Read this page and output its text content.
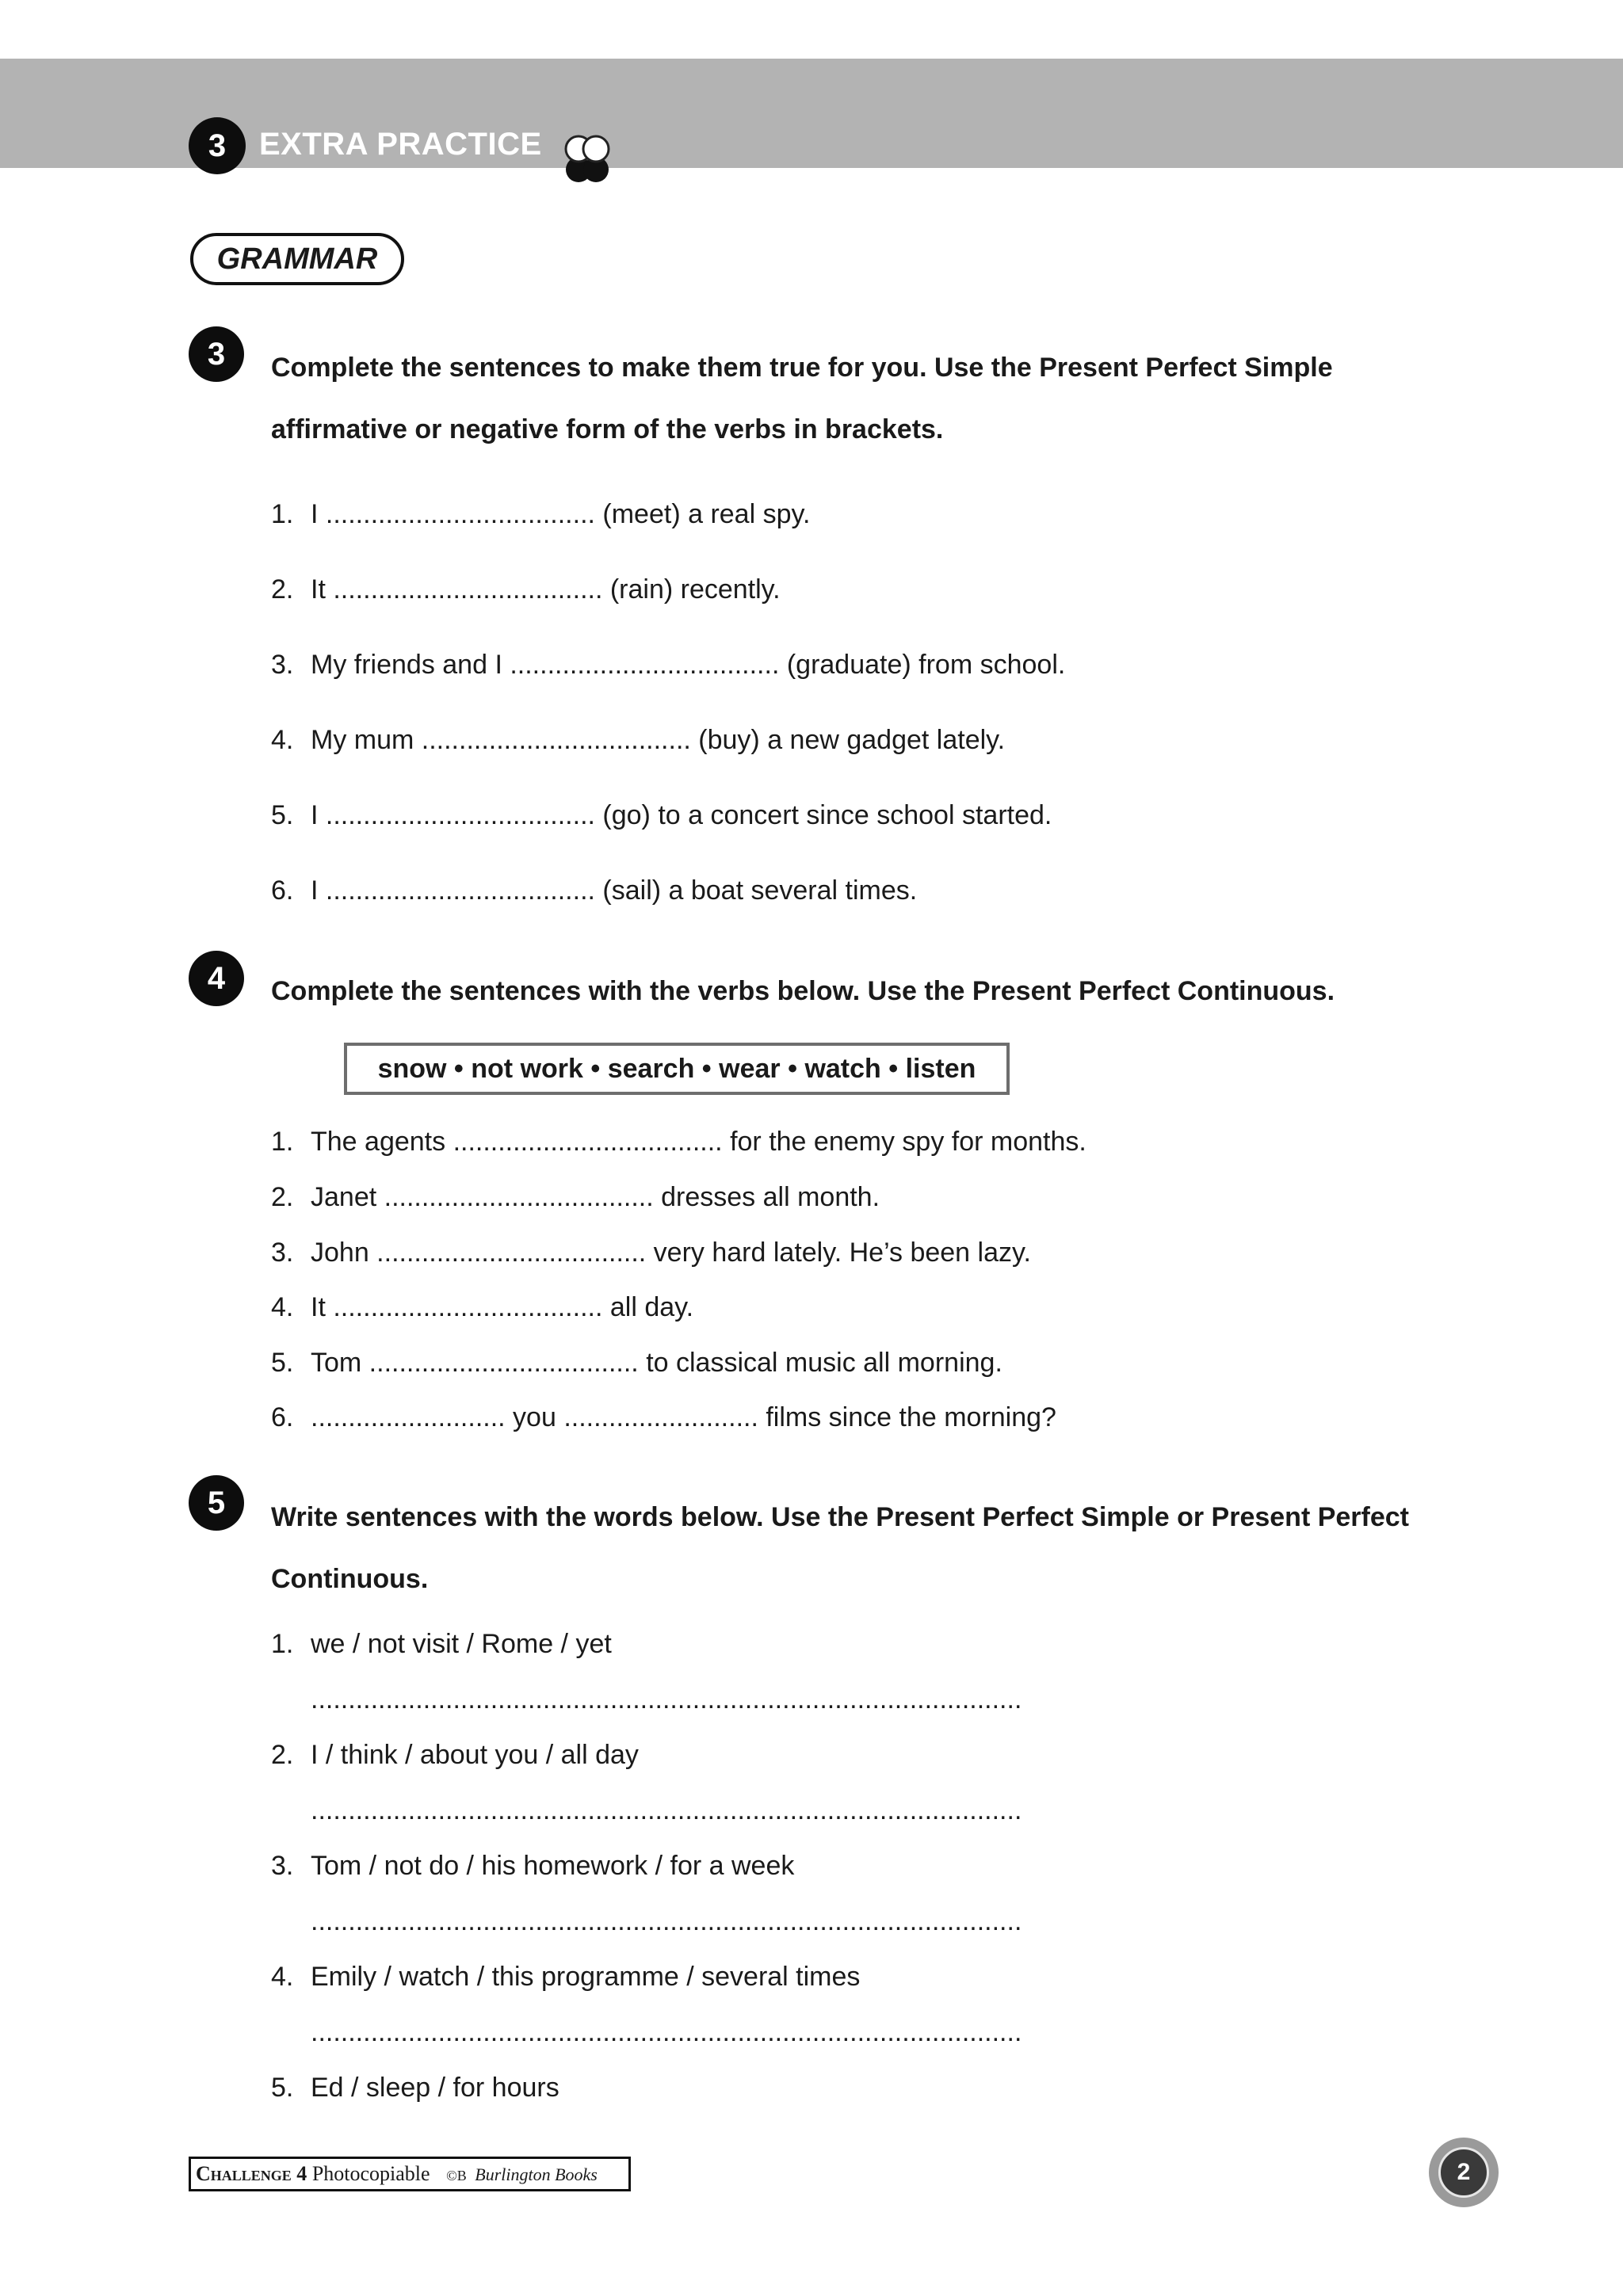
3	EXTRA PRACTICE
GRAMMAR
3	Complete the sentences to make them true for you. Use the Present Perfect Simple affirmative or negative form of the verbs in brackets.
1. I .................................... (meet) a real spy.
2. It .................................... (rain) recently.
3. My friends and I .................................... (graduate) from school.
4. My mum .................................... (buy) a new gadget lately.
5. I .................................... (go) to a concert since school started.
6. I .................................... (sail) a boat several times.
4	Complete the sentences with the verbs below. Use the Present Perfect Continuous.
snow • not work • search • wear • watch • listen
1. The agents .................................... for the enemy spy for months.
2. Janet .................................... dresses all month.
3. John .................................... very hard lately. He’s been lazy.
4. It .................................... all day.
5. Tom .................................... to classical music all morning.
6. .......................... you .......................... films since the morning?
5	Write sentences with the words below. Use the Present Perfect Simple or Present Perfect Continuous.
1. we / not visit / Rome / yet
...............................................................................................
2. I / think / about you / all day
...............................................................................................
3. Tom / not do / his homework / for a week
...............................................................................................
4. Emily / watch / this programme / several times
...............................................................................................
5. Ed / sleep / for hours
Challenge 4 Photocopiable ©B Burlington Books	2
